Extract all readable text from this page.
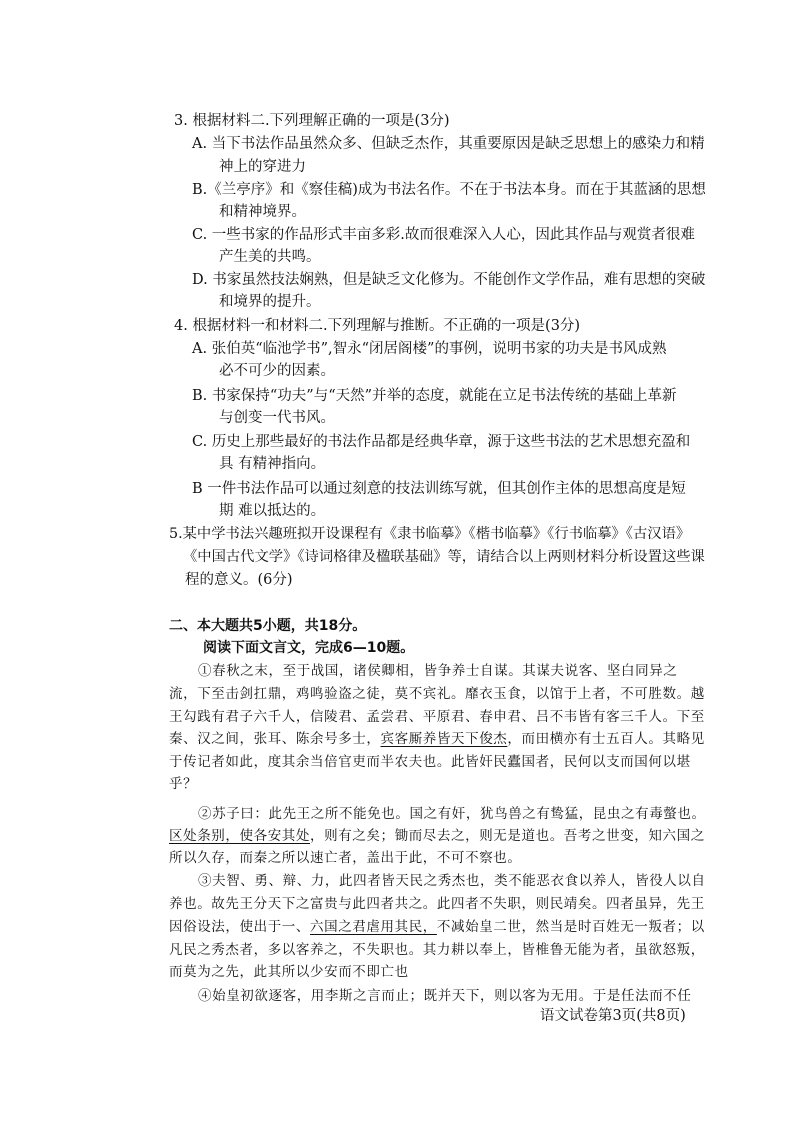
3. 根据材料二.下列理解正确的一项是(3分)
A. 当下书法作品虽然众多、但缺乏杰作，其重要原因是缺乏思想上的感染力和精
神上的穿进力
B.《兰亭序》和《察佳稿)成为书法名作。不在于书法本身。而在于其蓝涵的思想
和精神境界。
C. 一些书家的作品形式丰亩多彩.故而很难深入人心，因此其作品与观赏者很难
产生美的共鸣。
D. 书家虽然技法娴熟，但是缺乏文化修为。不能创作文学作品，难有思想的突破
和境界的提升。
4. 根据材料一和材料二.下列理解与推断。不正确的一项是(3分)
A. 张伯英“临池学书”,智永“闭居阁楼”的事例，说明书家的功夫是书风成熟
必不可少的因素。
B. 书家保持“功夫”与“天然”并举的态度，就能在立足书法传统的基础上革新
与创变一代书风。
C. 历史上那些最好的书法作品都是经典华章，源于这些书法的艺术思想充盈和
具 有精神指向。
B 一件书法作品可以通过刻意的技法训练写就，但其创作主体的思想高度是短
期 难以抵达的。
5.某中学书法兴趣班拟开设课程有《隶书临摹》《楷书临摹》《行书临摹》《古汉语》
《中国古代文学》《诗词格律及楹联基础》等，请结合以上两则材料分析设置这些课
程的意义。(6分)
二、本大题共5小题，共18分。
阅读下面文言文，完成6—10题。
①春秋之末，至于战国，诸侯卿相，皆争养士自谋。其谋夫说客、坚白同异之
流，下至击剑扛鼎，鸡鸣验盗之徒，莫不宾礼。靡衣玉食，以馆于上者，不可胜数。越
王勾践有君子六千人，信陵君、孟尝君、平原君、春申君、吕不韦皆有客三千人。下至
秦、汉之间，张耳、陈余号多士，宾客厮养皆天下俊杰，而田横亦有士五百人。其略见
于传记者如此，度其余当倍官吏而半农夫也。此皆奸民蠹国者，民何以支而国何以堪
乎？
②苏子曰：此先王之所不能免也。国之有奸，犹鸟兽之有鸷猛，昆虫之有毒螫也。
区处条别，使各安其处，则有之矣；锄而尽去之，则无是道也。吾考之世变，知六国之
所以久存，而秦之所以速亡者，盖出于此，不可不察也。
③夫智、勇、辩、力，此四者皆天民之秀杰也，类不能恶衣食以养人，皆役人以自
养也。故先王分天下之富贵与此四者共之。此四者不失职，则民靖矣。四者虽异，先王
因俗设法，使出于一、六国之君虐用其民，不减始皇二世，然当是时百姓无一叛者；以
凡民之秀杰者，多以客养之，不失职也。其力耕以奉上，皆椎鲁无能为者，虽欲怒叛，
而莫为之先，此其所以少安而不即亡也
④始皇初欲逐客，用李斯之言而止；既并天下，则以客为无用。于是任法而不任
语文试卷第3页(共8页)
